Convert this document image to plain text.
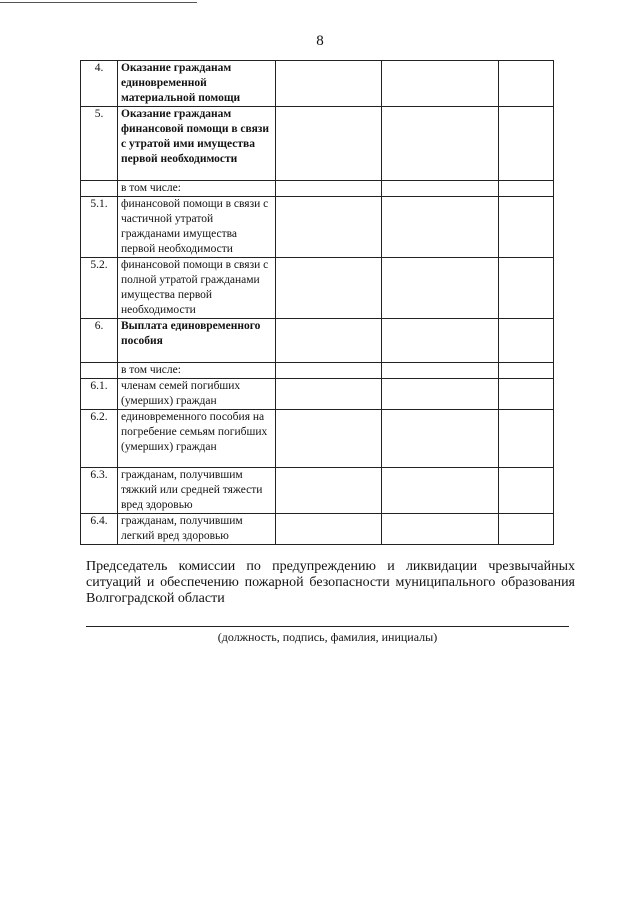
8
4.	Оказание гражданам единовременной материальной помощи			
5.	Оказание гражданам финансовой помощи в связи с утратой ими имущества первой необходимости			
	в том числе:			
5.1.	финансовой помощи в связи с частичной утратой гражданами имущества первой необходимости			
5.2.	финансовой помощи в связи с полной утратой гражданами имущества первой необходимости			
6.	Выплата единовременного пособия			
	в том числе:			
6.1.	членам семей погибших (умерших) граждан			
6.2.	единовременного пособия на погребение семьям погибших (умерших) граждан			
6.3.	гражданам, получившим тяжкий или средней тяжести вред здоровью			
6.4.	гражданам, получившим легкий вред здоровью			
Председатель комиссии по предупреждению и ликвидации чрезвычайных ситуаций и обеспечению пожарной безопасности муниципального образования Волгоградской области
(должность, подпись, фамилия, инициалы)
